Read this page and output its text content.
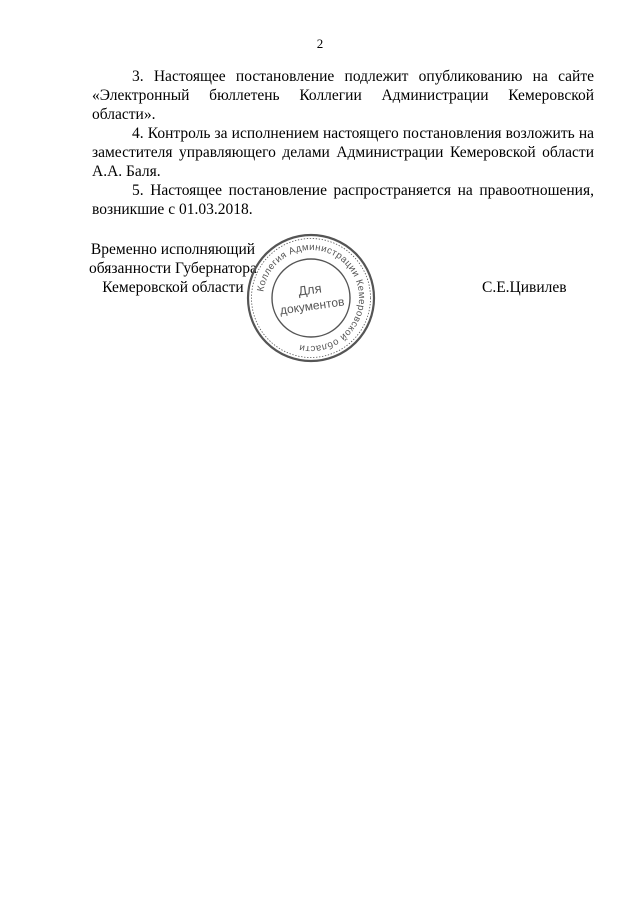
2

3. Настоящее постановление подлежит опубликованию на сайте «Электронный бюллетень Коллегии Администрации Кемеровской области».

4. Контроль за исполнением настоящего постановления возложить на заместителя управляющего делами Администрации Кемеровской области А.А. Баля.

5. Настоящее постановление распространяется на правоотношения, возникшие с 01.03.2018.

Временно исполняющий
обязанности Губернатора
Кемеровской области	Коллегия Администрации Кемеровской области
Для
документов
С.Е.Цивилев
